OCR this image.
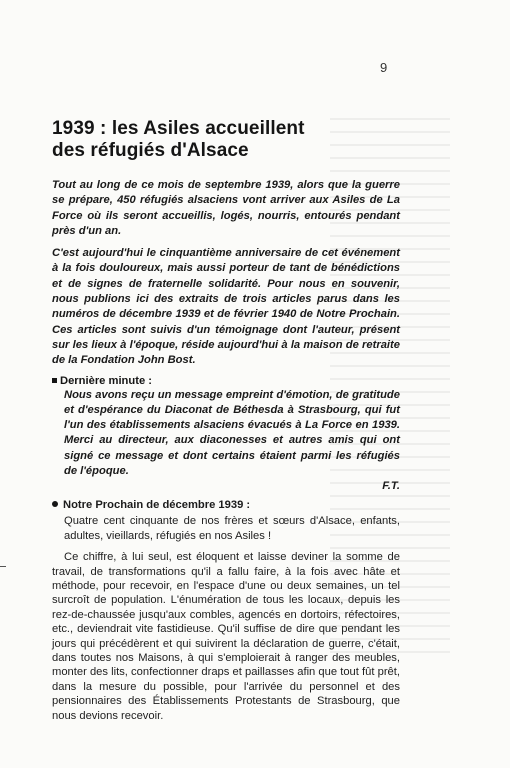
9
1939 : les Asiles accueillent
des réfugiés d'Alsace

Tout au long de ce mois de septembre 1939, alors que la guerre se prépare, 450 réfugiés alsaciens vont arriver aux Asiles de La Force où ils seront accueillis, logés, nourris, entourés pendant près d'un an.

C'est aujourd'hui le cinquantième anniversaire de cet événement à la fois douloureux, mais aussi porteur de tant de bénédictions et de signes de fraternelle solidarité. Pour nous en souvenir, nous publions ici des extraits de trois articles parus dans les numéros de décembre 1939 et de février 1940 de Notre Prochain. Ces articles sont suivis d'un témoignage dont l'auteur, présent sur les lieux à l'époque, réside aujourd'hui à la maison de retraite de la Fondation John Bost.

Dernière minute :

Nous avons reçu un message empreint d'émotion, de gratitude et d'espérance du Diaconat de Béthesda à Strasbourg, qui fut l'un des établissements alsaciens évacués à La Force en 1939. Merci au directeur, aux diaconesses et autres amis qui ont signé ce message et dont certains étaient parmi les réfugiés de l'époque.

F.T.

Notre Prochain de décembre 1939 :

Quatre cent cinquante de nos frères et sœurs d'Alsace, enfants, adultes, vieillards, réfugiés en nos Asiles !

Ce chiffre, à lui seul, est éloquent et laisse deviner la somme de travail, de transformations qu'il a fallu faire, à la fois avec hâte et méthode, pour recevoir, en l'espace d'une ou deux semaines, un tel surcroît de population. L'énumération de tous les locaux, depuis les rez-de-chaussée jusqu'aux combles, agencés en dortoirs, réfectoires, etc., deviendrait vite fastidieuse. Qu'il suffise de dire que pendant les jours qui précédèrent et qui suivirent la déclaration de guerre, c'était, dans toutes nos Maisons, à qui s'emploierait à ranger des meubles, monter des lits, confectionner draps et paillasses afin que tout fût prêt, dans la mesure du possible, pour l'arrivée du personnel et des pensionnaires des Établissements Protestants de Strasbourg, que nous devions recevoir.
